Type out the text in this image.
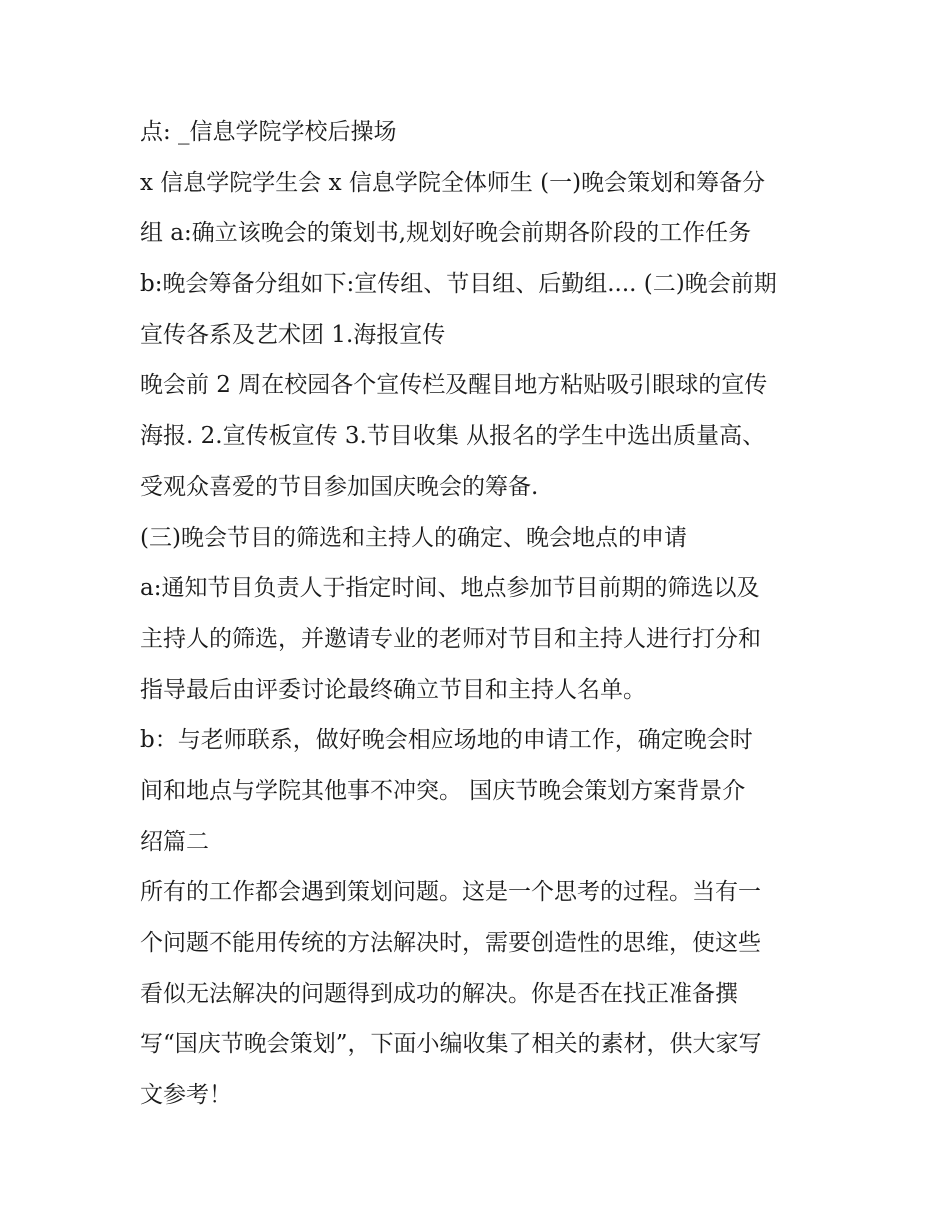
点: _信息学院学校后操场
x 信息学院学生会 x 信息学院全体师生 (一)晚会策划和筹备分
组 a:确立该晚会的策划书,规划好晚会前期各阶段的工作任务
b:晚会筹备分组如下:宣传组、节目组、后勤组.... (二)晚会前期
宣传各系及艺术团 1.海报宣传
晚会前 2 周在校园各个宣传栏及醒目地方粘贴吸引眼球的宣传
海报. 2.宣传板宣传 3.节目收集 从报名的学生中选出质量高、
受观众喜爱的节目参加国庆晚会的筹备.
(三)晚会节目的筛选和主持人的确定、晚会地点的申请
a:通知节目负责人于指定时间、地点参加节目前期的筛选以及
主持人的筛选，并邀请专业的老师对节目和主持人进行打分和
指导最后由评委讨论最终确立节目和主持人名单。
b：与老师联系，做好晚会相应场地的申请工作，确定晚会时
间和地点与学院其他事不冲突。 国庆节晚会策划方案背景介
绍篇二
所有的工作都会遇到策划问题。这是一个思考的过程。当有一
个问题不能用传统的方法解决时，需要创造性的思维，使这些
看似无法解决的问题得到成功的解决。你是否在找正准备撰
写“国庆节晚会策划”，下面小编收集了相关的素材，供大家写
文参考！
